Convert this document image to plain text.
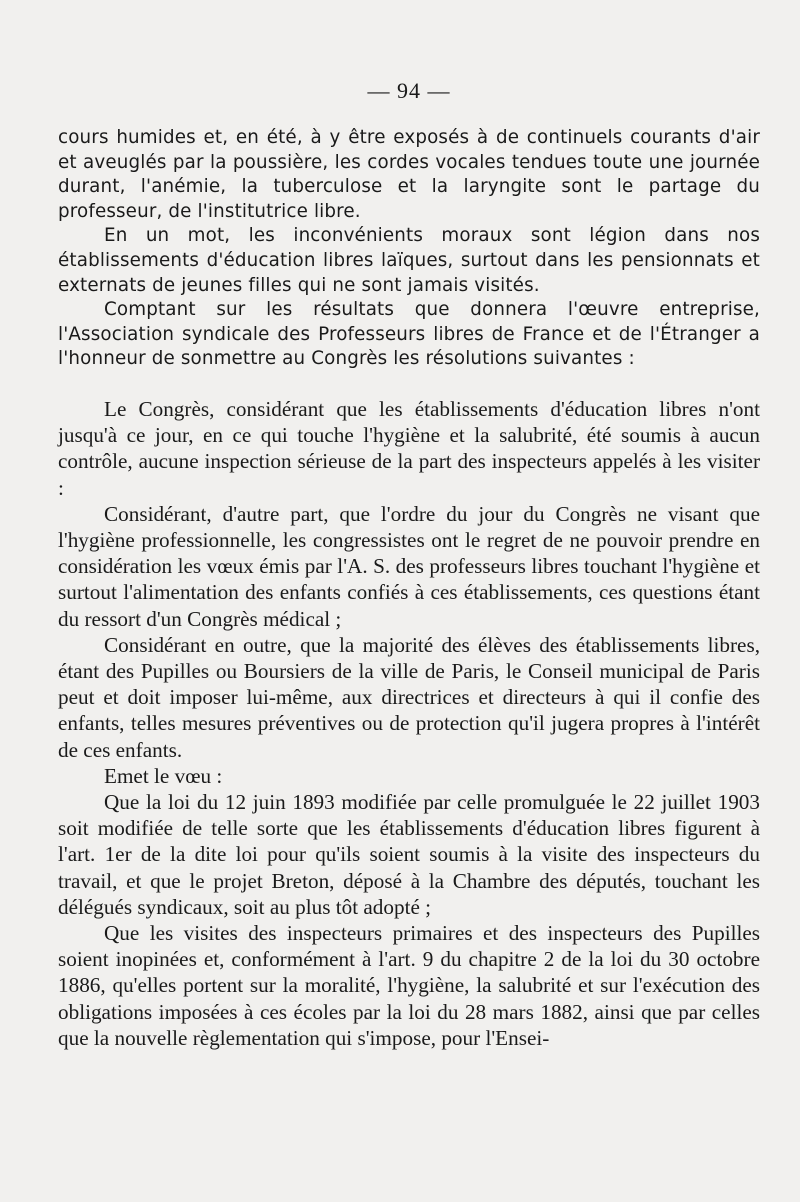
— 94 —

cours humides et, en été, à y être exposés à de continuels courants d'air et aveuglés par la poussière, les cordes vocales tendues toute une journée durant, l'anémie, la tuberculose et la laryngite sont le partage du professeur, de l'institutrice libre.

En un mot, les inconvénients moraux sont légion dans nos établissements d'éducation libres laïques, surtout dans les pensionnats et externats de jeunes filles qui ne sont jamais visités.

Comptant sur les résultats que donnera l'œuvre entreprise, l'Association syndicale des Professeurs libres de France et de l'Étranger a l'honneur de sonmettre au Congrès les résolutions suivantes :

Le Congrès, considérant que les établissements d'éducation libres n'ont jusqu'à ce jour, en ce qui touche l'hygiène et la salubrité, été soumis à aucun contrôle, aucune inspection sérieuse de la part des inspecteurs appelés à les visiter :

Considérant, d'autre part, que l'ordre du jour du Congrès ne visant que l'hygiène professionnelle, les congressistes ont le regret de ne pouvoir prendre en considération les vœux émis par l'A. S. des professeurs libres touchant l'hygiène et surtout l'alimentation des enfants confiés à ces établissements, ces questions étant du ressort d'un Congrès médical ;

Considérant en outre, que la majorité des élèves des établissements libres, étant des Pupilles ou Boursiers de la ville de Paris, le Conseil municipal de Paris peut et doit imposer lui-même, aux directrices et directeurs à qui il confie des enfants, telles mesures préventives ou de protection qu'il jugera propres à l'intérêt de ces enfants.

Emet le vœu :

Que la loi du 12 juin 1893 modifiée par celle promulguée le 22 juillet 1903 soit modifiée de telle sorte que les établissements d'éducation libres figurent à l'art. 1er de la dite loi pour qu'ils soient soumis à la visite des inspecteurs du travail, et que le projet Breton, déposé à la Chambre des députés, touchant les délégués syndicaux, soit au plus tôt adopté ;

Que les visites des inspecteurs primaires et des inspecteurs des Pupilles soient inopinées et, conformément à l'art. 9 du chapitre 2 de la loi du 30 octobre 1886, qu'elles portent sur la moralité, l'hygiène, la salubrité et sur l'exécution des obligations imposées à ces écoles par la loi du 28 mars 1882, ainsi que par celles que la nouvelle règlementation qui s'impose, pour l'Ensei-
